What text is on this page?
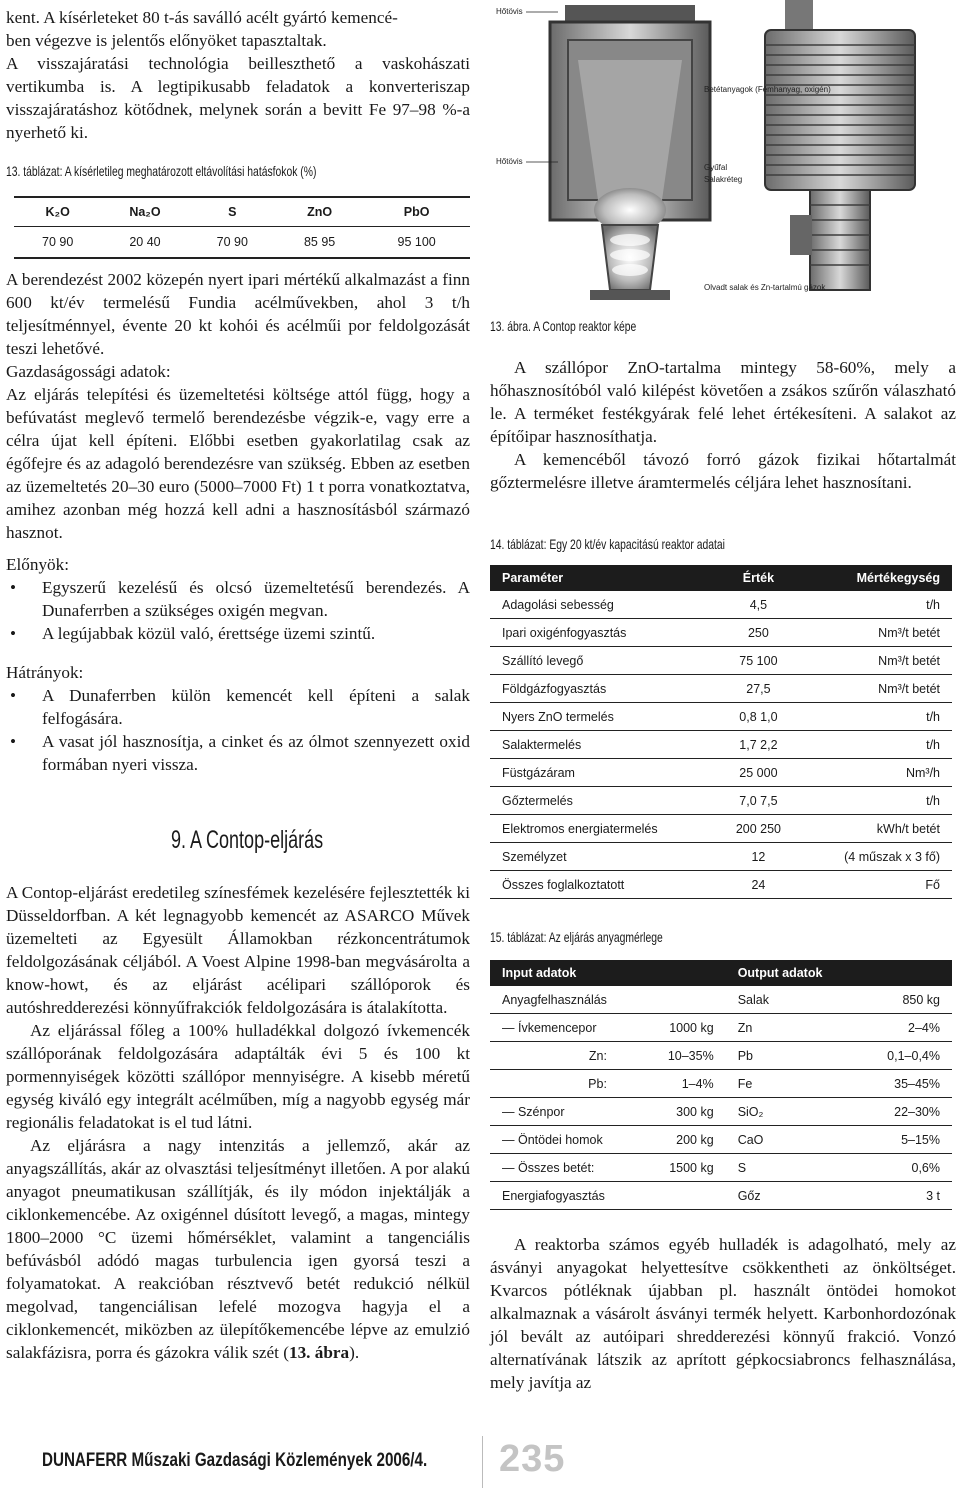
kent. A kísérleteket 80 t-ás saválló acélt gyártó kemencé-

ben végezve is jelentős előnyöket tapasztaltak.

A visszajáratási technológia beilleszthető a vaskohászati vertikumba is. A legtipikusabb feladatok a konverteriszap visszajáratáshoz kötődnek, melynek során a bevitt Fe 97–98 %-a nyerhető ki.

13. táblázat: A kísérletileg meghatározott eltávolítási hatásfokok (%)
K₂O	Na₂O	S	ZnO	PbO
70 90	20 40	70 90	85 95	95 100

A berendezést 2002 közepén nyert ipari mértékű alkalmazást a finn 600 kt/év termelésű Fundia acélművekben, ahol 3 t/h teljesítménnyel, évente 20 kt kohói és acélműi por feldolgozását teszi lehetővé.

Gazdaságossági adatok:

Az eljárás telepítési és üzemeltetési költsége attól függ, hogy a befúvatást meglevő termelő berendezésbe végzik-e, vagy erre a célra újat kell építeni. Előbbi esetben gyakorlatilag csak az égőfejre és az adagoló berendezésre van szükség. Ebben az esetben az üzemeltetés 20–30 euro (5000–7000 Ft) 1 t porra vonatkoztatva, amihez azonban még hozzá kell adni a hasznosításból származó hasznot.

Előnyök:

• Egyszerű kezelésű és olcsó üzemeltetésű berendezés. A Dunaferrben a szükséges oxigén megvan.

• A legújabbak közül való, érettsége üzemi szintű.

Hátrányok:

• A Dunaferrben külön kemencét kell építeni a salak felfogására.

• A vasat jól hasznosítja, a cinket és az ólmot szennyezett oxid formában nyeri vissza.

9. A Contop-eljárás

A Contop-eljárást eredetileg színesfémek kezelésére fejlesztették ki Düsseldorfban. A két legnagyobb kemencét az ASARCO Művek üzemelteti az Egyesült Államokban rézkoncentrátumok feldolgozásának céljából. A Voest Alpine 1998-ban megvásárolta a know-howt, és az eljárást acélipari szállóporok és autóshredderezési könnyűfrakciók feldolgozására is átalakította.

Az eljárással főleg a 100% hulladékkal dolgozó ívkemencék szállóporának feldolgozására adaptálták évi 5 és 100 kt pormennyiségek közötti szállópor mennyiségre. A kisebb méretű egység kiváló egy integrált acélműben, míg a nagyobb egység már regionális feladatokat is el tud látni.

Az eljárásra a nagy intenzitás a jellemző, akár az anyagszállítás, akár az olvasztási teljesítményt illetően. A por alakú anyagot pneumatikusan szállítják, és ily módon injektálják a ciklonkemencébe. Az oxigénnel dúsított levegő, a magas, mintegy 1800–2000 °C üzemi hőmérséklet, valamint a tangenciális befúvásból adódó magas turbulencia igen gyorsá teszi a folyamatokat. A reakcióban résztvevő betét redukció nélkül megolvad, tangenciálisan lefelé mozogva hagyja el a ciklonkemencét, miközben az ülepítőkemencébe lépve az emulzió salakfázisra, porra és gázokra válik szét (13. ábra).

Hőtövis
Betétanyagok (Fémhanyag, oxigén)
Hőtövis
Gyűfal
Salakréteg
Olvadt salak és Zn-tartalmú gázok
13. ábra. A Contop reaktor képe

A szállópor ZnO-tartalma mintegy 58-60%, mely a hőhasznosítóból való kilépést követően a zsákos szűrőn válaszható le. A terméket festékgyárak felé lehet értékesíteni. A salakot az építőipar hasznosíthatja.

A kemencéből távozó forró gázok fizikai hőtartalmát gőztermelésre illetve áramtermelés céljára lehet hasznosítani.

14. táblázat: Egy 20 kt/év kapacitású reaktor adatai
Paraméter	Érték	Mértékegység
Adagolási sebesség	4,5	t/h
Ipari oxigénfogyasztás	250	Nm³/t betét
Szállító levegő	75 100	Nm³/t betét
Földgázfogyasztás	27,5	Nm³/t betét
Nyers ZnO termelés	0,8 1,0	t/h
Salaktermelés	1,7 2,2	t/h
Füstgázáram	25 000	Nm³/h
Gőztermelés	7,0 7,5	t/h
Elektromos energiatermelés	200 250	kWh/t betét
Személyzet	12	(4 műszak x 3 fő)
Összes foglalkoztatott	24	Fő
15. táblázat: Az eljárás anyagmérlege
Input adatok		Output adatok	
Anyagfelhasználás		Salak	850 kg
— Ívkemencepor	1000 kg	Zn	2–4%
Zn:	10–35%	Pb	0,1–0,4%
Pb:	1–4%	Fe	35–45%
— Szénpor	300 kg	SiO₂	22–30%
— Öntödei homok	200 kg	CaO	5–15%
— Összes betét:	1500 kg	S	0,6%
Energiafogyasztás		Gőz	3 t

A reaktorba számos egyéb hulladék is adagolható, mely az ásványi anyagokat helyettesítve csökkentheti az önköltséget. Kvarcos pótléknak újabban pl. használt öntödei homokot alkalmaznak a vásárolt ásványi termék helyett. Karbonhordozónak jól bevált az autóipari shredderezési könnyű frakció. Vonzó alternatívának látszik az aprított gépkocsiabroncs felhasználása, mely javítja az

DUNAFERR Műszaki Gazdasági Közlemények 2006/4. 235
